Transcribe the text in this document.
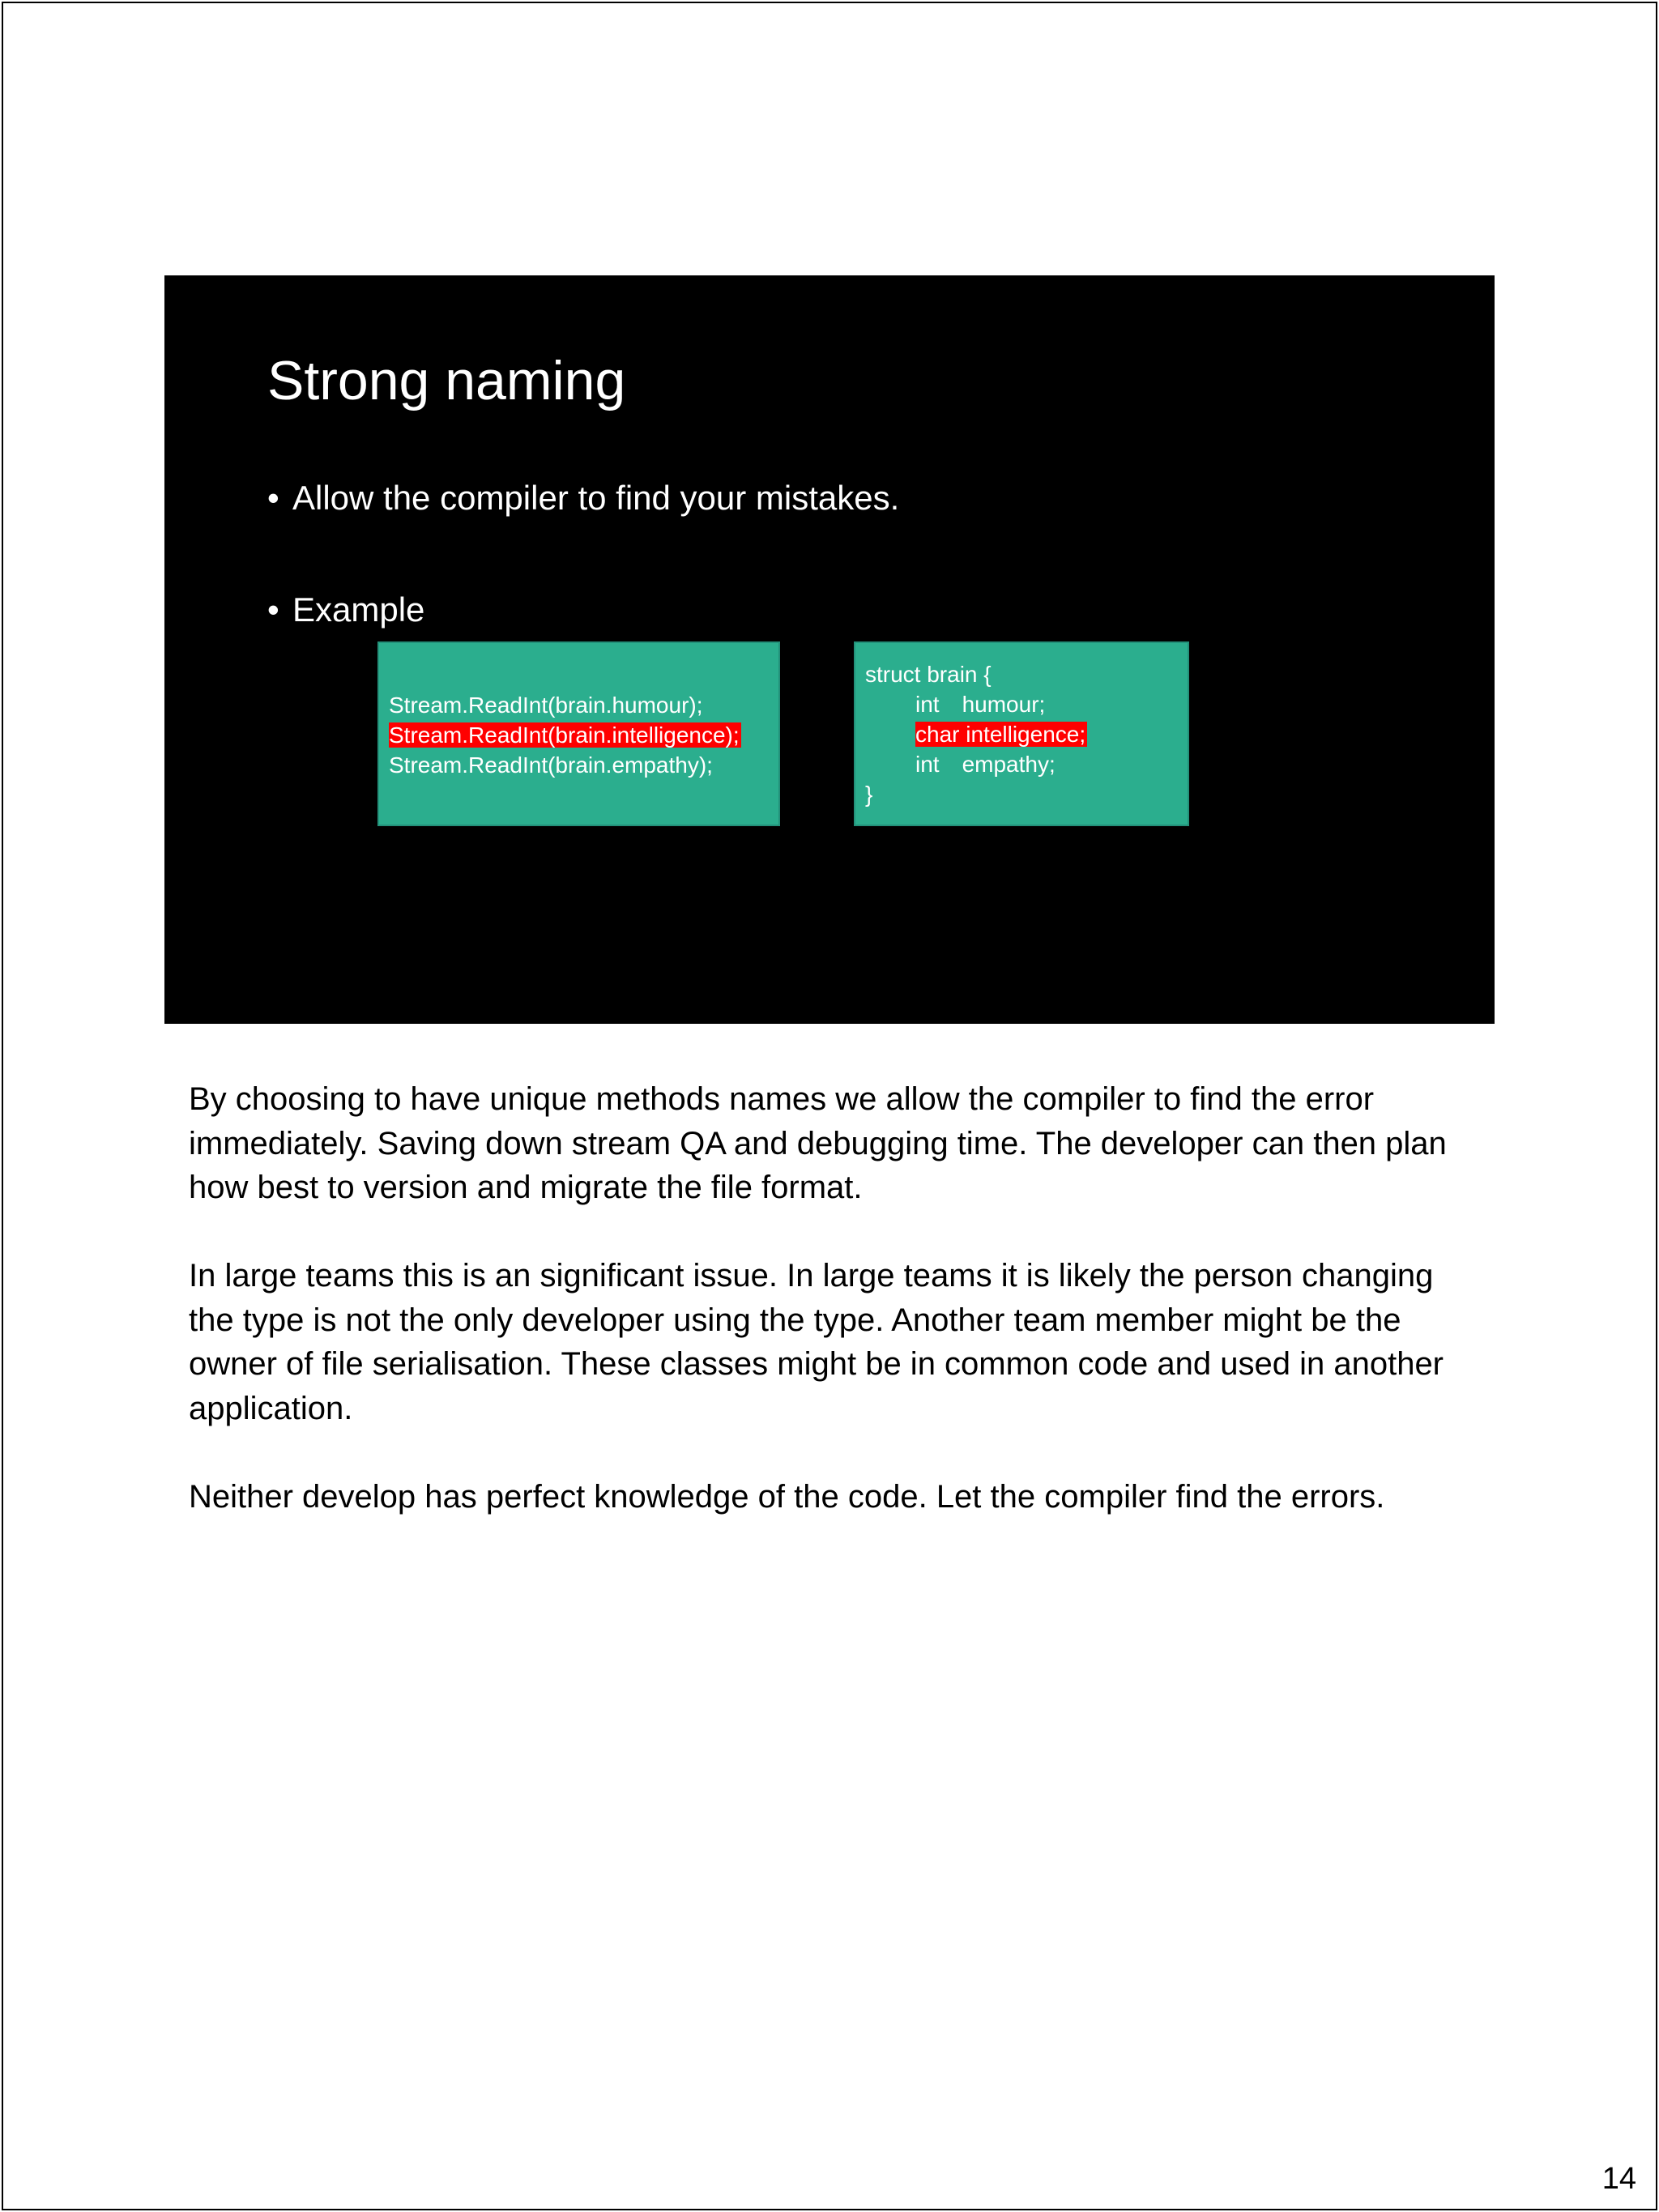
Strong naming

• Allow the compiler to find your mistakes.

• Example

Stream.ReadInt(brain.humour);
Stream.ReadInt(brain.intelligence);
Stream.ReadInt(brain.empathy);
struct brain {
int humour;
char intelligence;
int empathy;
}

By choosing to have unique methods names we allow the compiler to find the error immediately. Saving down stream QA and debugging time. The developer can then plan how best to version and migrate the file format.

In large teams this is an significant issue. In large teams it is likely the person changing the type is not the only developer using the type. Another team member might be the owner of file serialisation. These classes might be in common code and used in another application.

Neither develop has perfect knowledge of the code. Let the compiler find the errors.

14
